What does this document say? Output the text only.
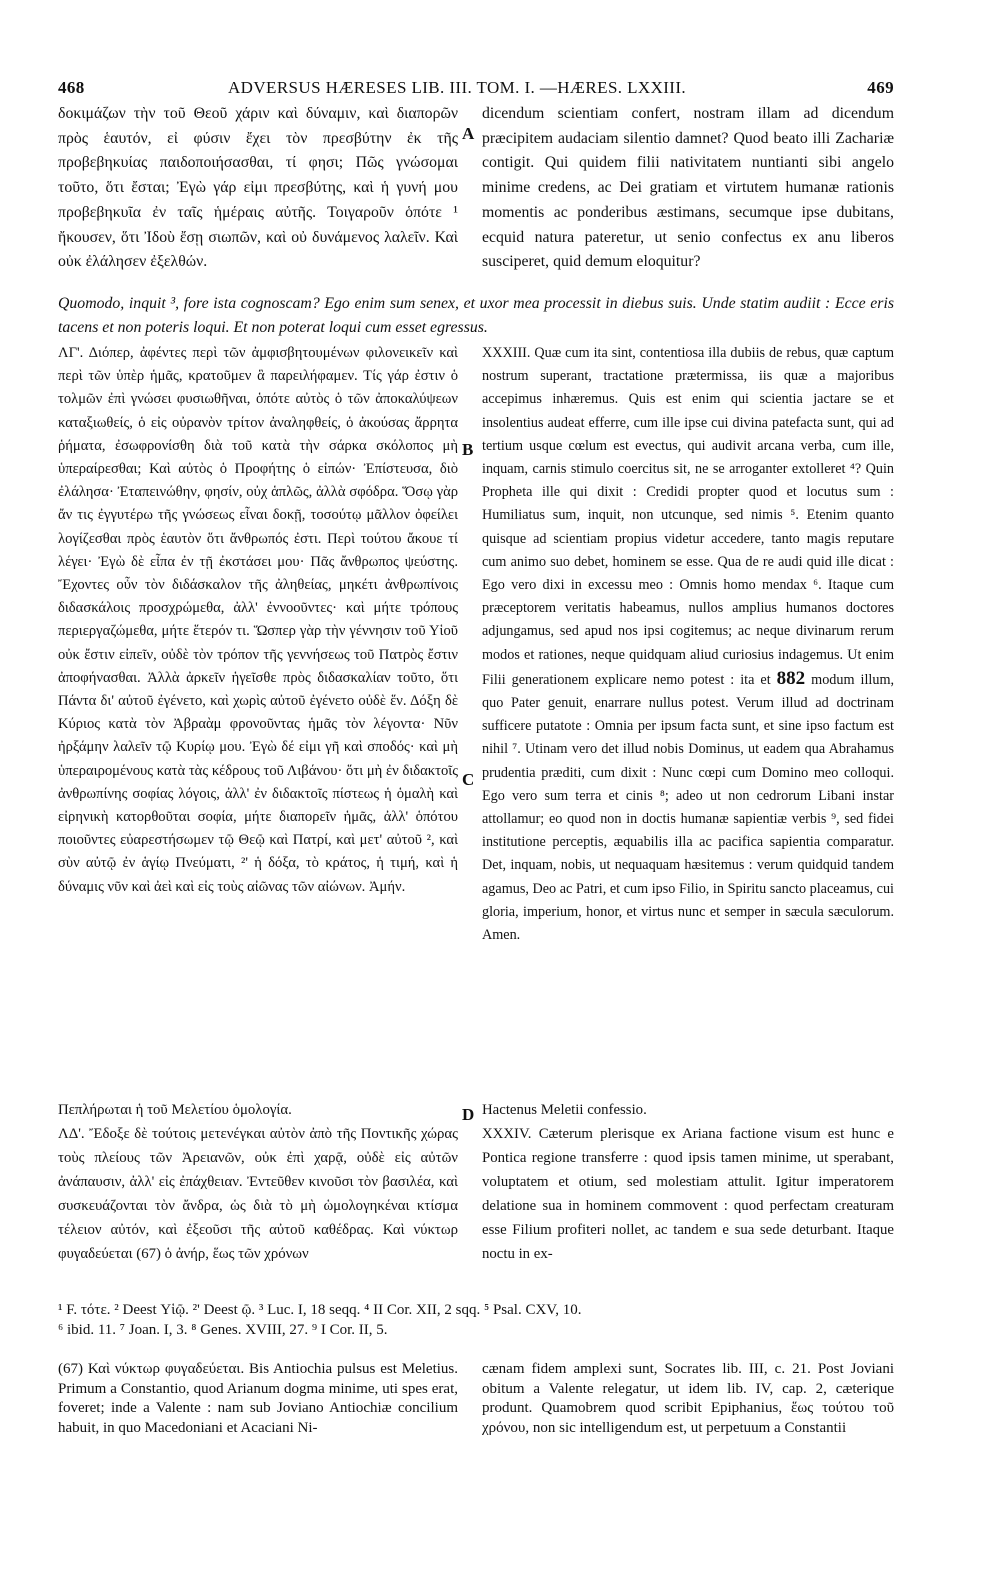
468	ADVERSUS HÆRESES LIB. III. TOM. I. —HÆRES. LXXIII.	469
A
B
C
D

δοκιμάζων τὴν τοῦ Θεοῦ χάριν καὶ δύναμιν, καὶ διαπορῶν πρὸς ἑαυτόν, εἰ φύσιν ἔχει τὸν πρεσβύτην ἐκ τῆς προβεβηκυίας παιδοποιήσασθαι, τί φησι; Πῶς γνώσομαι τοῦτο, ὅτι ἔσται; Ἐγὼ γάρ εἰμι πρεσβύτης, καὶ ἡ γυνή μου προβεβηκυῖα ἐν ταῖς ἡμέραις αὐτῆς. Τοιγαροῦν ὁπότε ¹ ἤκουσεν, ὅτι Ἰδοὺ ἔσῃ σιωπῶν, καὶ οὐ δυνάμενος λαλεῖν. Καὶ οὐκ ἐλάλησεν ἐξελθών.

dicendum scientiam confert, nostram illam ad dicendum præcipitem audaciam silentio damnet? Quod beato illi Zachariæ contigit. Qui quidem filii nativitatem nuntianti sibi angelo minime credens, ac Dei gratiam et virtutem humanæ rationis momentis ac ponderibus æstimans, secumque ipse dubitans, ecquid natura pateretur, ut senio confectus ex anu liberos susciperet, quid demum eloquitur?

Quomodo, inquit ³, fore ista cognoscam? Ego enim sum senex, et uxor mea processit in diebus suis. Unde statim audiit : Ecce eris tacens et non poteris loqui. Et non poterat loqui cum esset egressus.

ΛΓ'. Διόπερ, ἀφέντες περὶ τῶν ἀμφισβητουμένων φιλονεικεῖν καὶ περὶ τῶν ὑπὲρ ἡμᾶς, κρατοῦμεν ἃ παρειλήφαμεν. Τίς γάρ ἐστιν ὁ τολμῶν ἐπὶ γνώσει φυσιωθῆναι, ὁπότε αὐτὸς ὁ τῶν ἀποκαλύψεων καταξιωθείς, ὁ εἰς οὐρανὸν τρίτον ἀναληφθείς, ὁ ἀκούσας ἄρρητα ῥήματα, ἐσωφρονίσθη διὰ τοῦ κατὰ τὴν σάρκα σκόλοπος μὴ ὑπεραίρεσθαι; Καὶ αὐτὸς ὁ Προφήτης ὁ εἰπών· Ἐπίστευσα, διὸ ἐλάλησα· Ἐταπεινώθην, φησίν, οὐχ ἁπλῶς, ἀλλὰ σφόδρα. Ὅσῳ γὰρ ἄν τις ἐγγυτέρω τῆς γνώσεως εἶναι δοκῇ, τοσούτῳ μᾶλλον ὀφείλει λογίζεσθαι πρὸς ἑαυτὸν ὅτι ἄνθρωπός ἐστι. Περὶ τούτου ἄκουε τί λέγει· Ἐγὼ δὲ εἶπα ἐν τῇ ἐκστάσει μου· Πᾶς ἄνθρωπος ψεύστης. Ἔχοντες οὖν τὸν διδάσκαλον τῆς ἀληθείας, μηκέτι ἀνθρωπίνοις διδασκάλοις προσχρώμεθα, ἀλλ' ἐννοοῦντες· καὶ μήτε τρόπους περιεργαζώμεθα, μήτε ἕτερόν τι. Ὥσπερ γὰρ τὴν γέννησιν τοῦ Υἱοῦ οὐκ ἔστιν εἰπεῖν, οὐδὲ τὸν τρόπον τῆς γεννήσεως τοῦ Πατρὸς ἔστιν ἀποφήνασθαι. Ἀλλὰ ἀρκεῖν ἡγεῖσθε πρὸς διδασκαλίαν τοῦτο, ὅτι Πάντα δι' αὐτοῦ ἐγένετο, καὶ χωρὶς αὐτοῦ ἐγένετο οὐδὲ ἕν. Δόξη δὲ Κύριος κατὰ τὸν Ἀβραὰμ φρονοῦντας ἡμᾶς τὸν λέγοντα· Νῦν ἠρξάμην λαλεῖν τῷ Κυρίῳ μου. Ἐγὼ δέ εἰμι γῆ καὶ σποδός· καὶ μὴ ὑπεραιρομένους κατὰ τὰς κέδρους τοῦ Λιβάνου· ὅτι μὴ ἐν διδακτοῖς ἀνθρωπίνης σοφίας λόγοις, ἀλλ' ἐν διδακτοῖς πίστεως ἡ ὁμαλὴ καὶ εἰρηνικὴ κατορθοῦται σοφία, μήτε διαπορεῖν ἡμᾶς, ἀλλ' ὁπότου ποιοῦντες εὐαρεστήσωμεν τῷ Θεῷ καὶ Πατρί, καὶ μετ' αὐτοῦ ², καὶ σὺν αὐτῷ ἐν ἁγίῳ Πνεύματι, ²' ἡ δόξα, τὸ κράτος, ἡ τιμή, καὶ ἡ δύναμις νῦν καὶ ἀεὶ καὶ εἰς τοὺς αἰῶνας τῶν αἰώνων. Ἀμήν.

XXXIII. Quæ cum ita sint, contentiosa illa dubiis de rebus, quæ captum nostrum superant, tractatione prætermissa, iis quæ a majoribus accepimus inhæremus. Quis est enim qui scientia jactare se et insolentius audeat efferre, cum ille ipse cui divina patefacta sunt, qui ad tertium usque cœlum est evectus, qui audivit arcana verba, cum ille, inquam, carnis stimulo coercitus sit, ne se arroganter extolleret ⁴? Quin Propheta ille qui dixit : Credidi propter quod et locutus sum : Humiliatus sum, inquit, non utcunque, sed nimis ⁵. Etenim quanto quisque ad scientiam propius videtur accedere, tanto magis reputare cum animo suo debet, hominem se esse. Qua de re audi quid ille dicat : Ego vero dixi in excessu meo : Omnis homo mendax ⁶. Itaque cum præceptorem veritatis habeamus, nullos amplius humanos doctores adjungamus, sed apud nos ipsi cogitemus; ac neque divinarum rerum modos et rationes, neque quidquam aliud curiosius indagemus. Ut enim Filii generationem explicare nemo potest : ita et 882 modum illum, quo Pater genuit, enarrare nullus potest. Verum illud ad doctrinam sufficere putatote : Omnia per ipsum facta sunt, et sine ipso factum est nihil ⁷. Utinam vero det illud nobis Dominus, ut eadem qua Abrahamus prudentia præditi, cum dixit : Nunc cœpi cum Domino meo colloqui. Ego vero sum terra et cinis ⁸; adeo ut non cedrorum Libani instar attollamur; eo quod non in doctis humanæ sapientiæ verbis ⁹, sed fidei institutione perceptis, æquabilis illa ac pacifica sapientia comparatur. Det, inquam, nobis, ut nequaquam hæsitemus : verum quidquid tandem agamus, Deo ac Patri, et cum ipso Filio, in Spiritu sancto placeamus, cui gloria, imperium, honor, et virtus nunc et semper in sæcula sæculorum. Amen.

Πεπλήρωται ἡ τοῦ Μελετίου ὁμολογία.

ΛΔ'. Ἔδοξε δὲ τούτοις μετενέγκαι αὐτὸν ἀπὸ τῆς Ποντικῆς χώρας τοὺς πλείους τῶν Ἀρειανῶν, οὐκ ἐπὶ χαρᾷ, οὐδὲ εἰς αὐτῶν ἀνάπαυσιν, ἀλλ' εἰς ἐπάχθειαν. Ἐντεῦθεν κινοῦσι τὸν βασιλέα, καὶ συσκευάζονται τὸν ἄνδρα, ὡς διὰ τὸ μὴ ὡμολογηκέναι κτίσμα τέλειον αὐτόν, καὶ ἐξεοῦσι τῆς αὐτοῦ καθέδρας. Καὶ νύκτωρ φυγαδεύεται (67) ὁ ἀνήρ, ἕως τῶν χρόνων

Hactenus Meletii confessio.

XXXIV. Cæterum plerisque ex Ariana factione visum est hunc e Pontica regione transferre : quod ipsis tamen minime, ut sperabant, voluptatem et otium, sed molestiam attulit. Igitur imperatorem delatione sua in hominem commovent : quod perfectam creaturam esse Filium profiteri nollet, ac tandem e sua sede deturbant. Itaque noctu in ex-

¹ F. τότε. ² Deest Υἱῷ. ²' Deest ῷ. ³ Luc. I, 18 seqq. ⁴ II Cor. XII, 2 sqq. ⁵ Psal. CXV, 10.

⁶ ibid. 11. ⁷ Joan. I, 3. ⁸ Genes. XVIII, 27. ⁹ I Cor. II, 5.

(67) Καὶ νύκτωρ φυγαδεύεται. Bis Antiochia pulsus est Meletius. Primum a Constantio, quod Arianum dogma minime, uti spes erat, foveret; inde a Valente : nam sub Joviano Antiochiæ concilium habuit, in quo Macedoniani et Acaciani Ni-

cænam fidem amplexi sunt, Socrates lib. III, c. 21. Post Joviani obitum a Valente relegatur, ut idem lib. IV, cap. 2, cæterique produnt. Quamobrem quod scribit Epiphanius, ἕως τούτου τοῦ χρόνου, non sic intelligendum est, ut perpetuum a Constantii
